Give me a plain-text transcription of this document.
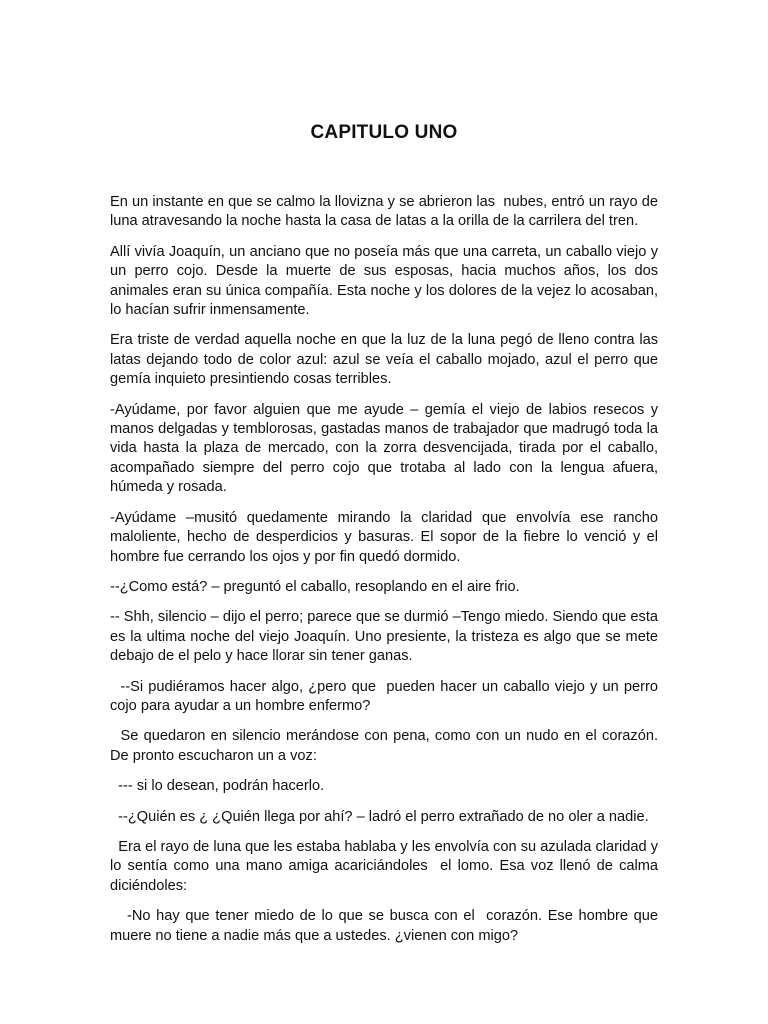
CAPITULO UNO

En un instante en que se calmo la llovizna y se abrieron las  nubes, entró un rayo de luna atravesando la noche hasta la casa de latas a la orilla de la carrilera del tren.

Allí vivía Joaquín, un anciano que no poseía más que una carreta, un caballo viejo y un perro cojo. Desde la muerte de sus esposas, hacia muchos años, los dos animales eran su única compañía. Esta noche y los dolores de la vejez lo acosaban, lo hacían sufrir inmensamente.

Era triste de verdad aquella noche en que la luz de la luna pegó de lleno contra las latas dejando todo de color azul: azul se veía el caballo mojado, azul el perro que gemía inquieto presintiendo cosas terribles.

-Ayúdame, por favor alguien que me ayude – gemía el viejo de labios resecos y manos delgadas y temblorosas, gastadas manos de trabajador que madrugó toda la vida hasta la plaza de mercado, con la zorra desvencijada, tirada por el caballo, acompañado siempre del perro cojo que trotaba al lado con la lengua afuera, húmeda y rosada.

-Ayúdame –musitó quedamente mirando la claridad que envolvía ese rancho maloliente, hecho de desperdicios y basuras. El sopor de la fiebre lo venció y el hombre fue cerrando los ojos y por fin quedó dormido.

--¿Como está? – preguntó el caballo, resoplando en el aire frio.

-- Shh, silencio – dijo el perro; parece que se durmió –Tengo miedo. Siendo que esta es la ultima noche del viejo Joaquín. Uno presiente, la tristeza es algo que se mete debajo de el pelo y hace llorar sin tener ganas.

--Si pudiéramos hacer algo, ¿pero que  pueden hacer un caballo viejo y un perro cojo para ayudar a un hombre enfermo?

Se quedaron en silencio merándose con pena, como con un nudo en el corazón. De pronto escucharon un a voz:

--- si lo desean, podrán hacerlo.

--¿Quién es ¿ ¿Quién llega por ahí? – ladró el perro extrañado de no oler a nadie.

Era el rayo de luna que les estaba hablaba y les envolvía con su azulada claridad y lo sentía como una mano amiga acariciándoles  el lomo. Esa voz llenó de calma diciéndoles:

-No hay que tener miedo de lo que se busca con el  corazón. Ese hombre que muere no tiene a nadie más que a ustedes. ¿vienen con migo?
